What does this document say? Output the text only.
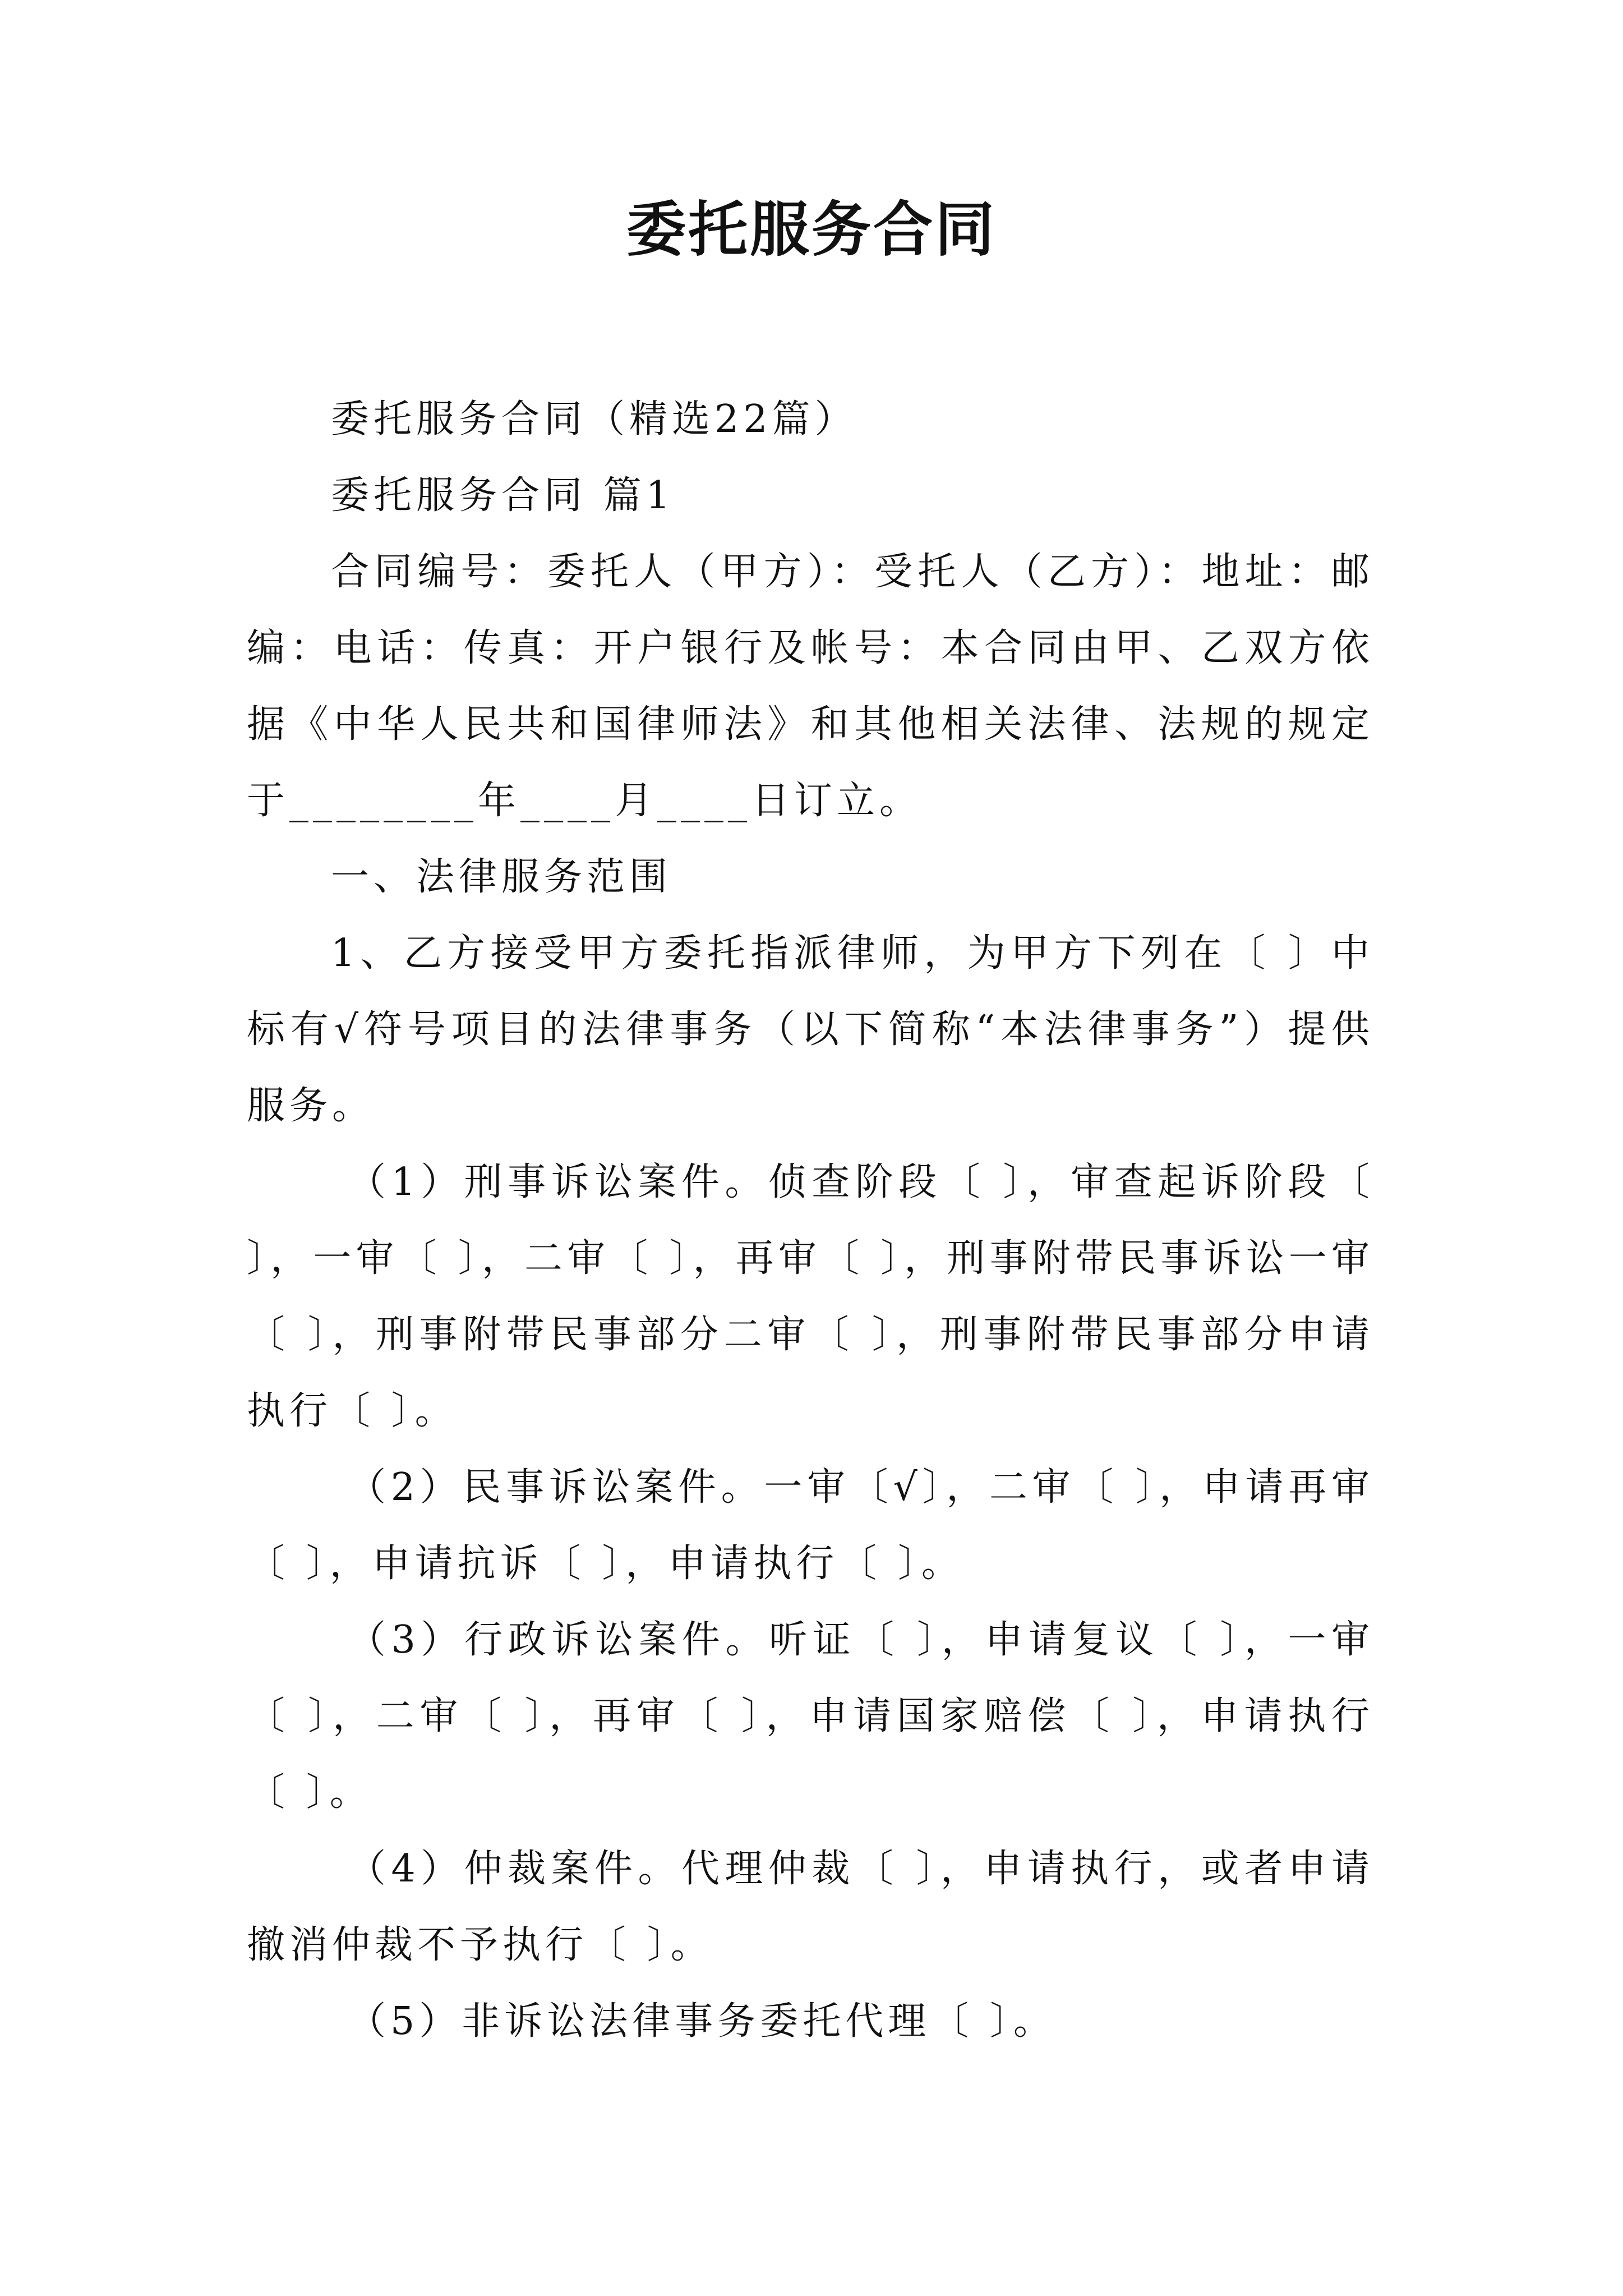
委托服务合同

委托服务合同（精选22篇）

委托服务合同 篇1

合同编号：委托人（甲方）：受托人（乙方）：地址：邮编：电话：传真：开户银行及帐号：本合同由甲、乙双方依据《中华人民共和国律师法》和其他相关法律、法规的规定于________年____月____日订立。

一、法律服务范围

1、乙方接受甲方委托指派律师，为甲方下列在〔 〕中标有√符号项目的法律事务（以下简称“本法律事务”）提供服务。

（1）刑事诉讼案件。侦查阶段〔 〕，审查起诉阶段〔 〕，一审〔 〕，二审〔 〕，再审〔 〕，刑事附带民事诉讼一审〔 〕，刑事附带民事部分二审〔 〕，刑事附带民事部分申请执行〔 〕。

（2）民事诉讼案件。一审〔√〕，二审〔 〕，申请再审〔 〕，申请抗诉〔 〕，申请执行〔 〕。

（3）行政诉讼案件。听证〔 〕，申请复议〔 〕，一审〔 〕，二审〔 〕，再审〔 〕，申请国家赔偿〔 〕，申请执行〔 〕。

（4）仲裁案件。代理仲裁〔 〕，申请执行，或者申请撤消仲裁不予执行〔 〕。

（5）非诉讼法律事务委托代理〔 〕。
